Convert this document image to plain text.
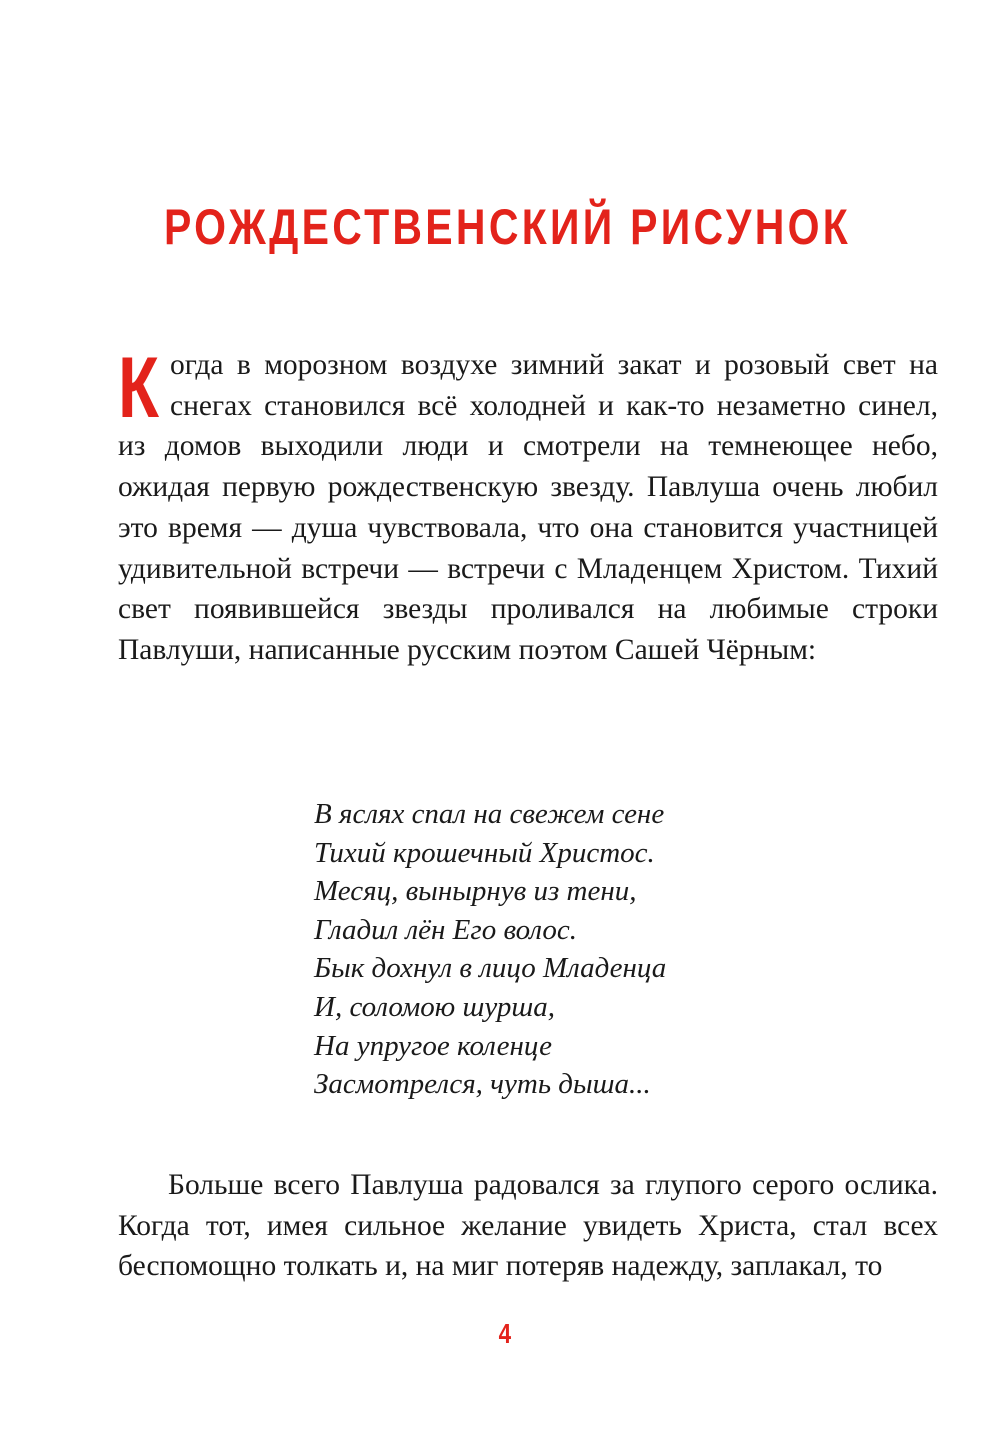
РОЖДЕСТВЕНСКИЙ РИСУНОК

Когда в морозном воздухе зимний закат и розовый свет на снегах становился всё холодней и как-то незаметно синел, из домов выходили люди и смотрели на темнеющее небо, ожидая первую рождественскую звезду. Павлуша очень любил это время — душа чувствовала, что она становится участницей удивительной встречи — встречи с Младенцем Христом. Тихий свет появившейся звезды проливался на любимые строки Павлуши, написанные русским поэтом Сашей Чёрным:

В яслях спал на свежем сене
Тихий крошечный Христос.
Месяц, вынырнув из тени,
Гладил лён Его волос.
Бык дохнул в лицо Младенца
И, соломою шурша,
На упругое коленце
Засмотрелся, чуть дыша...

Больше всего Павлуша радовался за глупого серого ослика. Когда тот, имея сильное желание увидеть Христа, стал всех беспомощно толкать и, на миг потеряв надежду, заплакал, то

4
